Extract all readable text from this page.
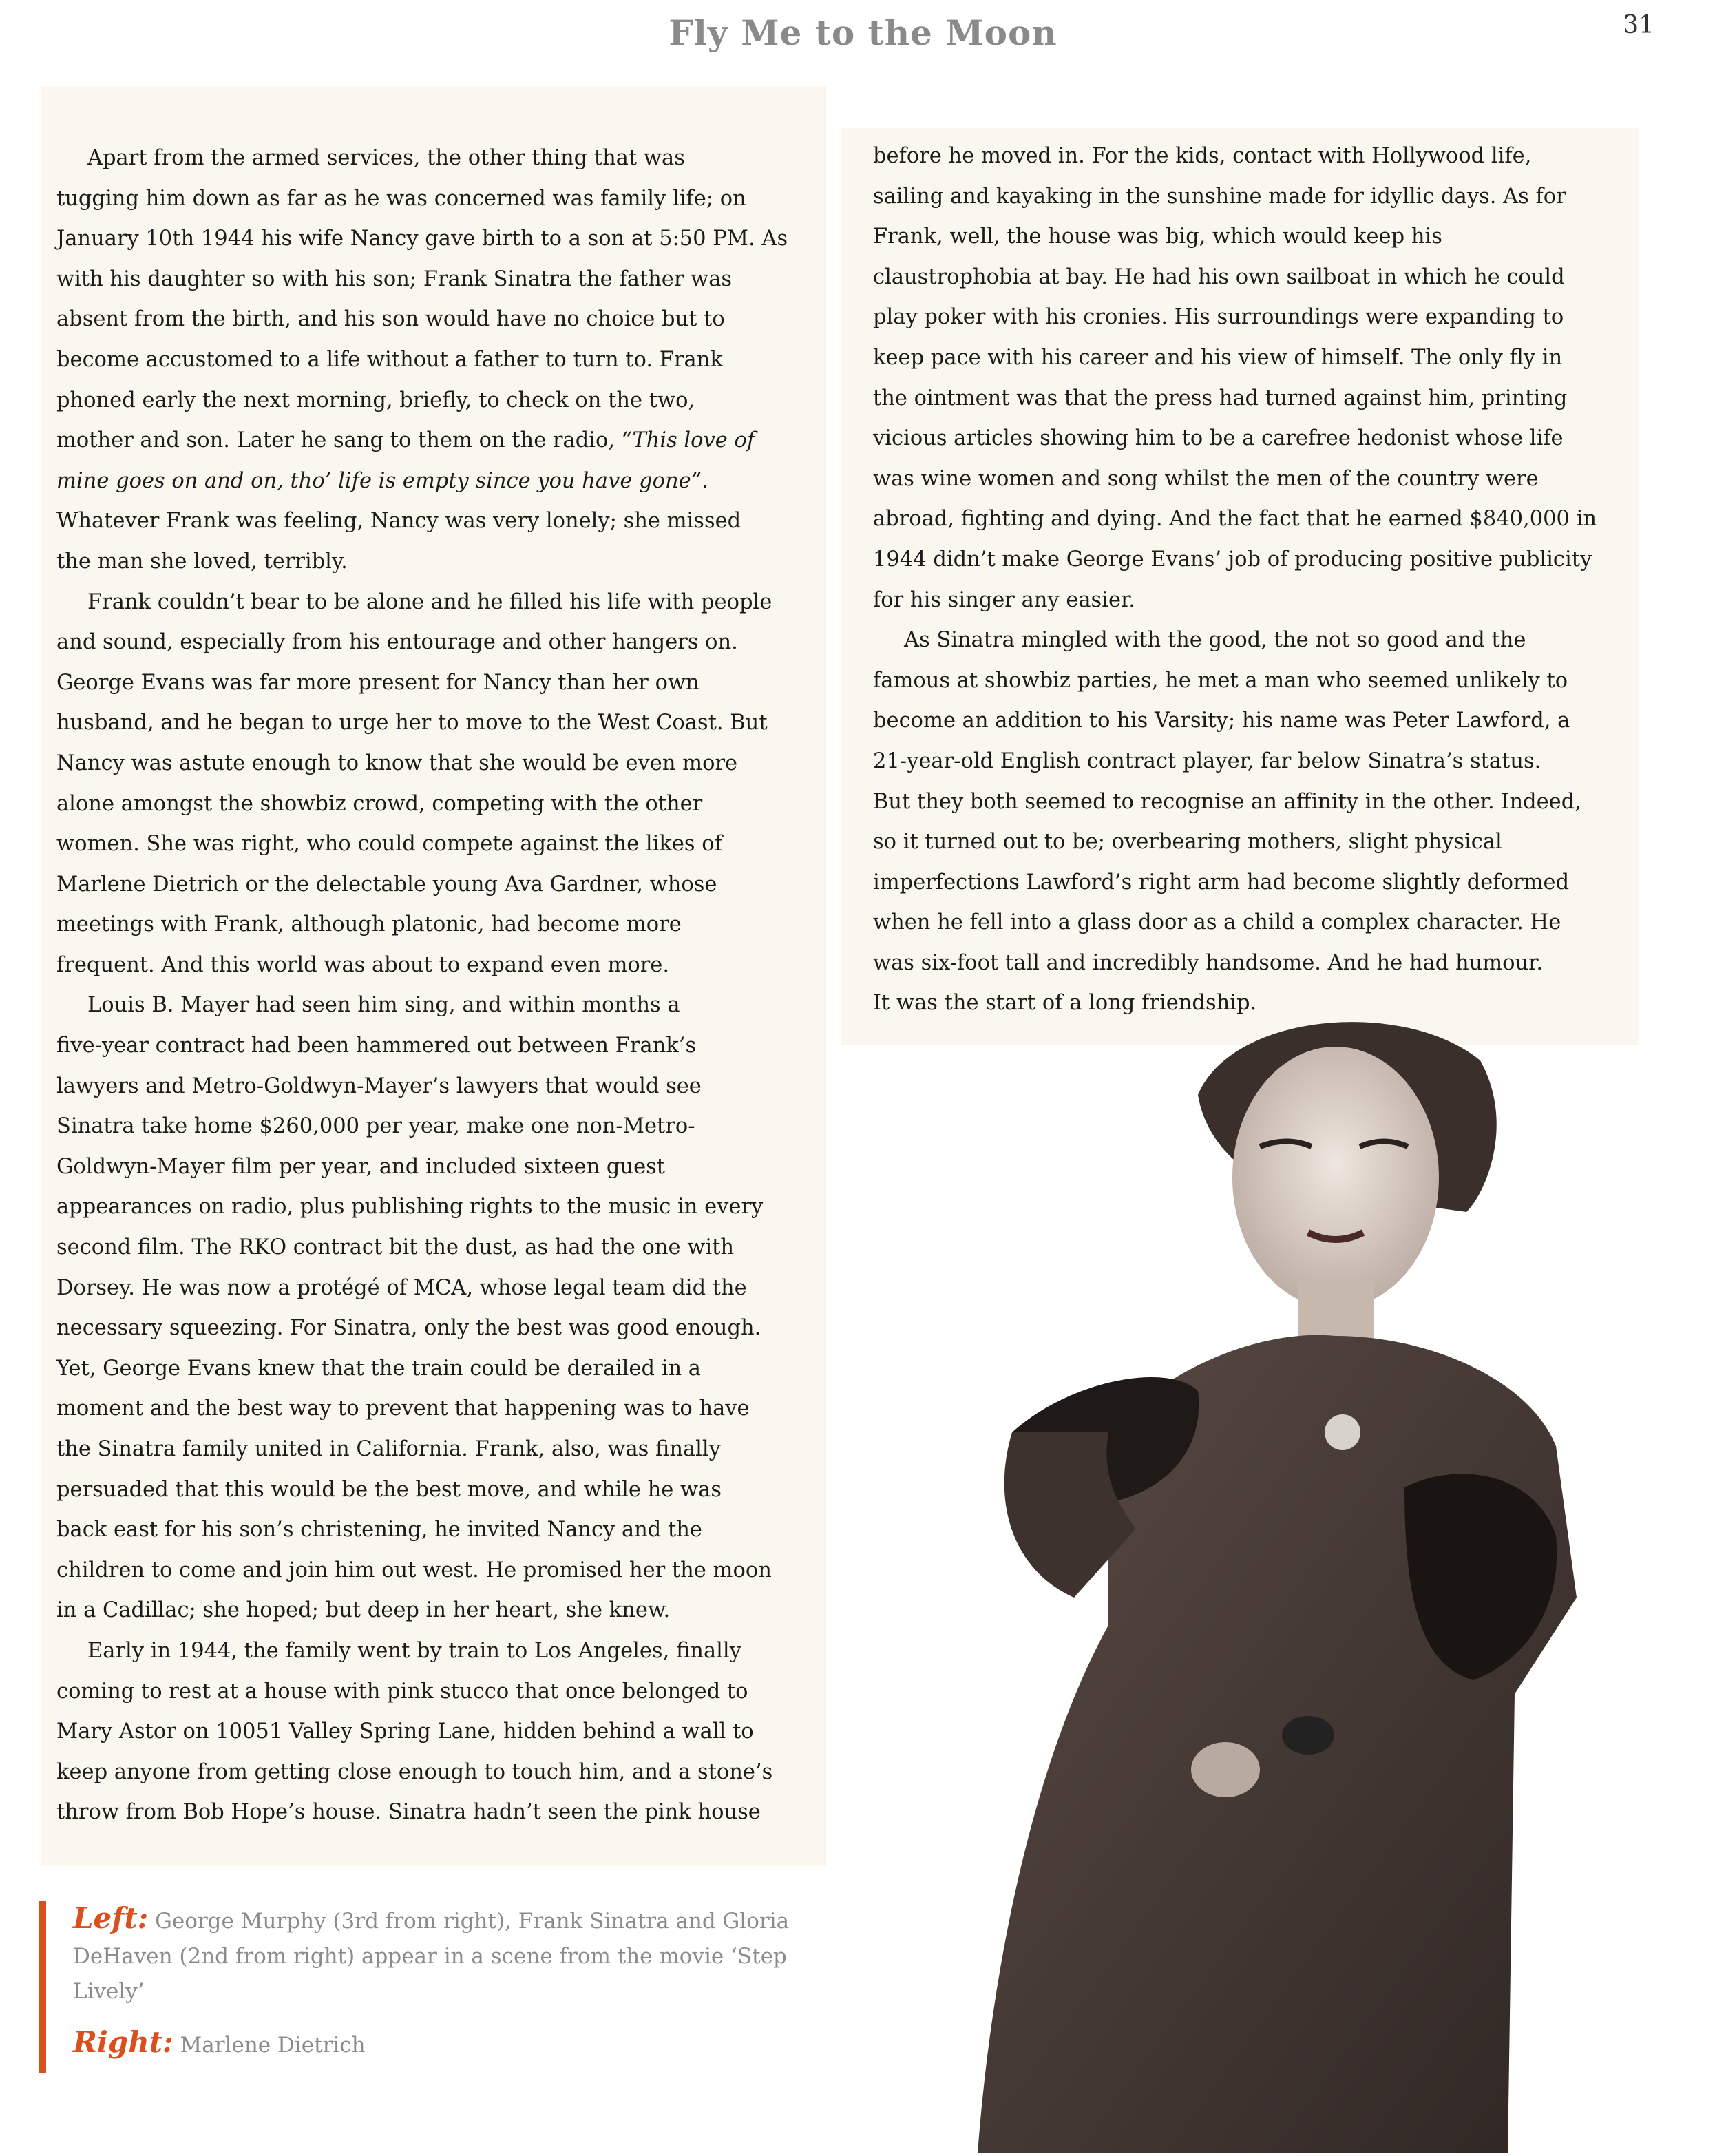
Fly Me to the Moon	31

Apart from the armed services, the other thing that was
tugging him down as far as he was concerned was family life; on
January 10th 1944 his wife Nancy gave birth to a son at 5:50 PM. As
with his daughter so with his son; Frank Sinatra the father was
absent from the birth, and his son would have no choice but to
become accustomed to a life without a father to turn to. Frank
phoned early the next morning, briefly, to check on the two,
mother and son. Later he sang to them on the radio, “This love of
mine goes on and on, tho’ life is empty since you have gone”.
Whatever Frank was feeling, Nancy was very lonely; she missed
the man she loved, terribly.

Frank couldn’t bear to be alone and he filled his life with people
and sound, especially from his entourage and other hangers on.
George Evans was far more present for Nancy than her own
husband, and he began to urge her to move to the West Coast. But
Nancy was astute enough to know that she would be even more
alone amongst the showbiz crowd, competing with the other
women. She was right, who could compete against the likes of
Marlene Dietrich or the delectable young Ava Gardner, whose
meetings with Frank, although platonic, had become more
frequent. And this world was about to expand even more.

Louis B. Mayer had seen him sing, and within months a
five-year contract had been hammered out between Frank’s
lawyers and Metro-Goldwyn-Mayer’s lawyers that would see
Sinatra take home $260,000 per year, make one non-Metro-
Goldwyn-Mayer film per year, and included sixteen guest
appearances on radio, plus publishing rights to the music in every
second film. The RKO contract bit the dust, as had the one with
Dorsey. He was now a protégé of MCA, whose legal team did the
necessary squeezing. For Sinatra, only the best was good enough.
Yet, George Evans knew that the train could be derailed in a
moment and the best way to prevent that happening was to have
the Sinatra family united in California. Frank, also, was finally
persuaded that this would be the best move, and while he was
back east for his son’s christening, he invited Nancy and the
children to come and join him out west. He promised her the moon
in a Cadillac; she hoped; but deep in her heart, she knew.

Early in 1944, the family went by train to Los Angeles, finally
coming to rest at a house with pink stucco that once belonged to
Mary Astor on 10051 Valley Spring Lane, hidden behind a wall to
keep anyone from getting close enough to touch him, and a stone’s
throw from Bob Hope’s house. Sinatra hadn’t seen the pink house

before he moved in. For the kids, contact with Hollywood life,
sailing and kayaking in the sunshine made for idyllic days. As for
Frank, well, the house was big, which would keep his
claustrophobia at bay. He had his own sailboat in which he could
play poker with his cronies. His surroundings were expanding to
keep pace with his career and his view of himself. The only fly in
the ointment was that the press had turned against him, printing
vicious articles showing him to be a carefree hedonist whose life
was wine women and song whilst the men of the country were
abroad, fighting and dying. And the fact that he earned $840,000 in
1944 didn’t make George Evans’ job of producing positive publicity
for his singer any easier.

As Sinatra mingled with the good, the not so good and the
famous at showbiz parties, he met a man who seemed unlikely to
become an addition to his Varsity; his name was Peter Lawford, a
21-year-old English contract player, far below Sinatra’s status.
But they both seemed to recognise an affinity in the other. Indeed,
so it turned out to be; overbearing mothers, slight physical
imperfections Lawford’s right arm had become slightly deformed
when he fell into a glass door as a child a complex character. He
was six-foot tall and incredibly handsome. And he had humour.
It was the start of a long friendship.

Left: George Murphy (3rd from right), Frank Sinatra and Gloria DeHaven (2nd from right) appear in a scene from the movie ‘Step Lively’

Right: Marlene Dietrich
